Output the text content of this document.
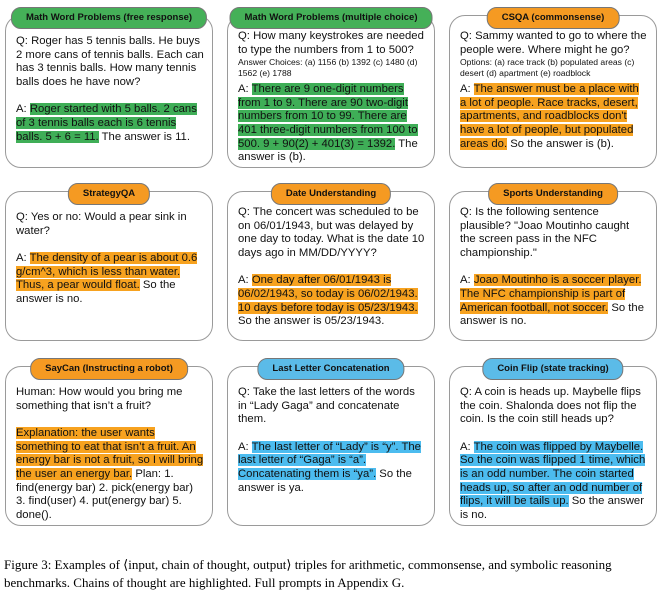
Math Word Problems (free response)

Q: Roger has 5 tennis balls. He buys 2 more cans of tennis balls. Each can has 3 tennis balls. How many tennis balls does he have now?

A: Roger started with 5 balls. 2 cans of 3 tennis balls each is 6 tennis balls. 5 + 6 = 11. The answer is 11.

Math Word Problems (multiple choice)

Q: How many keystrokes are needed to type the numbers from 1 to 500?

Answer Choices: (a) 1156 (b) 1392 (c) 1480 (d) 1562 (e) 1788

A: There are 9 one-digit numbers from 1 to 9. There are 90 two-digit numbers from 10 to 99. There are 401 three-digit numbers from 100 to 500. 9 + 90(2) + 401(3) = 1392. The answer is (b).

CSQA (commonsense)

Q: Sammy wanted to go to where the people were. Where might he go?

Options: (a) race track (b) populated areas (c) desert (d) apartment (e) roadblock

A: The answer must be a place with a lot of people. Race tracks, desert, apartments, and roadblocks don't have a lot of people, but populated areas do. So the answer is (b).

StrategyQA

Q: Yes or no: Would a pear sink in water?

A: The density of a pear is about 0.6 g/cm^3, which is less than water. Thus, a pear would float. So the answer is no.

Date Understanding

Q: The concert was scheduled to be on 06/01/1943, but was delayed by one day to today. What is the date 10 days ago in MM/DD/YYYY?

A: One day after 06/01/1943 is 06/02/1943, so today is 06/02/1943. 10 days before today is 05/23/1943. So the answer is 05/23/1943.

Sports Understanding

Q: Is the following sentence plausible? "Joao Moutinho caught the screen pass in the NFC championship."

A: Joao Moutinho is a soccer player. The NFC championship is part of American football, not soccer. So the answer is no.

SayCan (Instructing a robot)

Human: How would you bring me something that isn’t a fruit?

Explanation: the user wants something to eat that isn’t a fruit. An energy bar is not a fruit, so I will bring the user an energy bar. Plan: 1. find(energy bar) 2. pick(energy bar) 3. find(user) 4. put(energy bar) 5. done().

Last Letter Concatenation

Q: Take the last letters of the words in “Lady Gaga” and concatenate them.

A: The last letter of “Lady” is “y”. The last letter of “Gaga” is “a”. Concatenating them is “ya”. So the answer is ya.

Coin Flip (state tracking)

Q: A coin is heads up. Maybelle flips the coin. Shalonda does not flip the coin. Is the coin still heads up?

A: The coin was flipped by Maybelle. So the coin was flipped 1 time, which is an odd number. The coin started heads up, so after an odd number of flips, it will be tails up. So the answer is no.

Figure 3: Examples of ⟨input, chain of thought, output⟩ triples for arithmetic, commonsense, and symbolic reasoning benchmarks. Chains of thought are highlighted. Full prompts in Appendix G.
